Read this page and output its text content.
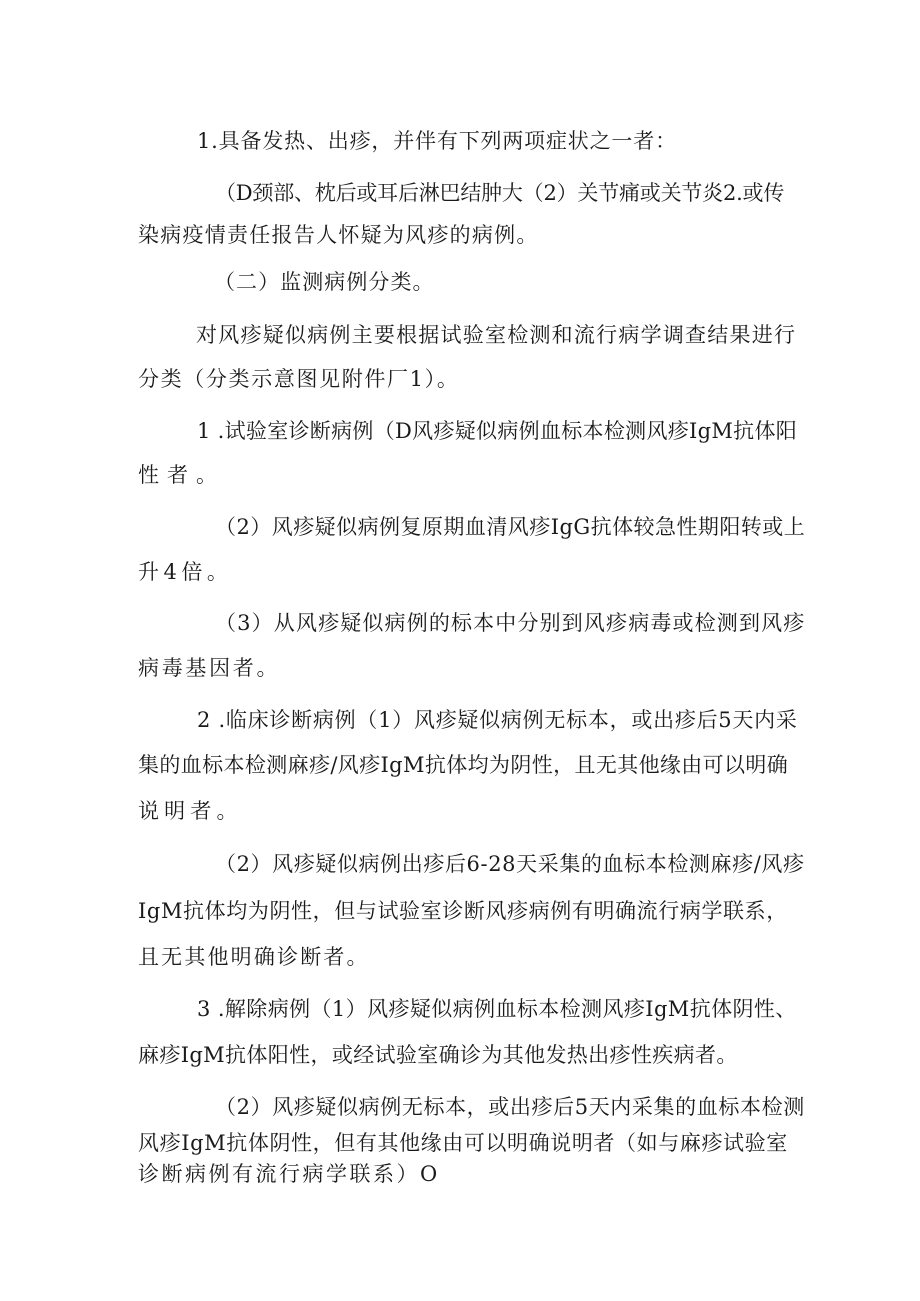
1.具备发热、出疹，并伴有下列两项症状之一者：

（D颈部、枕后或耳后淋巴结肿大（2）关节痛或关节炎2.或传

染病疫情责任报告人怀疑为风疹的病例。

（二）监测病例分类。

对风疹疑似病例主要根据试验室检测和流行病学调查结果进行

分类（分类示意图见附件厂1）。

1 .试验室诊断病例（D风疹疑似病例血标本检测风疹IgM抗体阳

性者。

（2）风疹疑似病例复原期血清风疹IgG抗体较急性期阳转或上

升4倍。

（3）从风疹疑似病例的标本中分别到风疹病毒或检测到风疹

病毒基因者。

2 .临床诊断病例（1）风疹疑似病例无标本，或出疹后5天内采

集的血标本检测麻疹/风疹IgM抗体均为阴性，且无其他缘由可以明确

说明者。

（2）风疹疑似病例出疹后6-28天采集的血标本检测麻疹/风疹

IgM抗体均为阴性，但与试验室诊断风疹病例有明确流行病学联系，

且无其他明确诊断者。

3 .解除病例（1）风疹疑似病例血标本检测风疹IgM抗体阴性、

麻疹IgM抗体阳性，或经试验室确诊为其他发热出疹性疾病者。

（2）风疹疑似病例无标本，或出疹后5天内采集的血标本检测

风疹IgM抗体阴性，但有其他缘由可以明确说明者（如与麻疹试验室

诊断病例有流行病学联系）O
